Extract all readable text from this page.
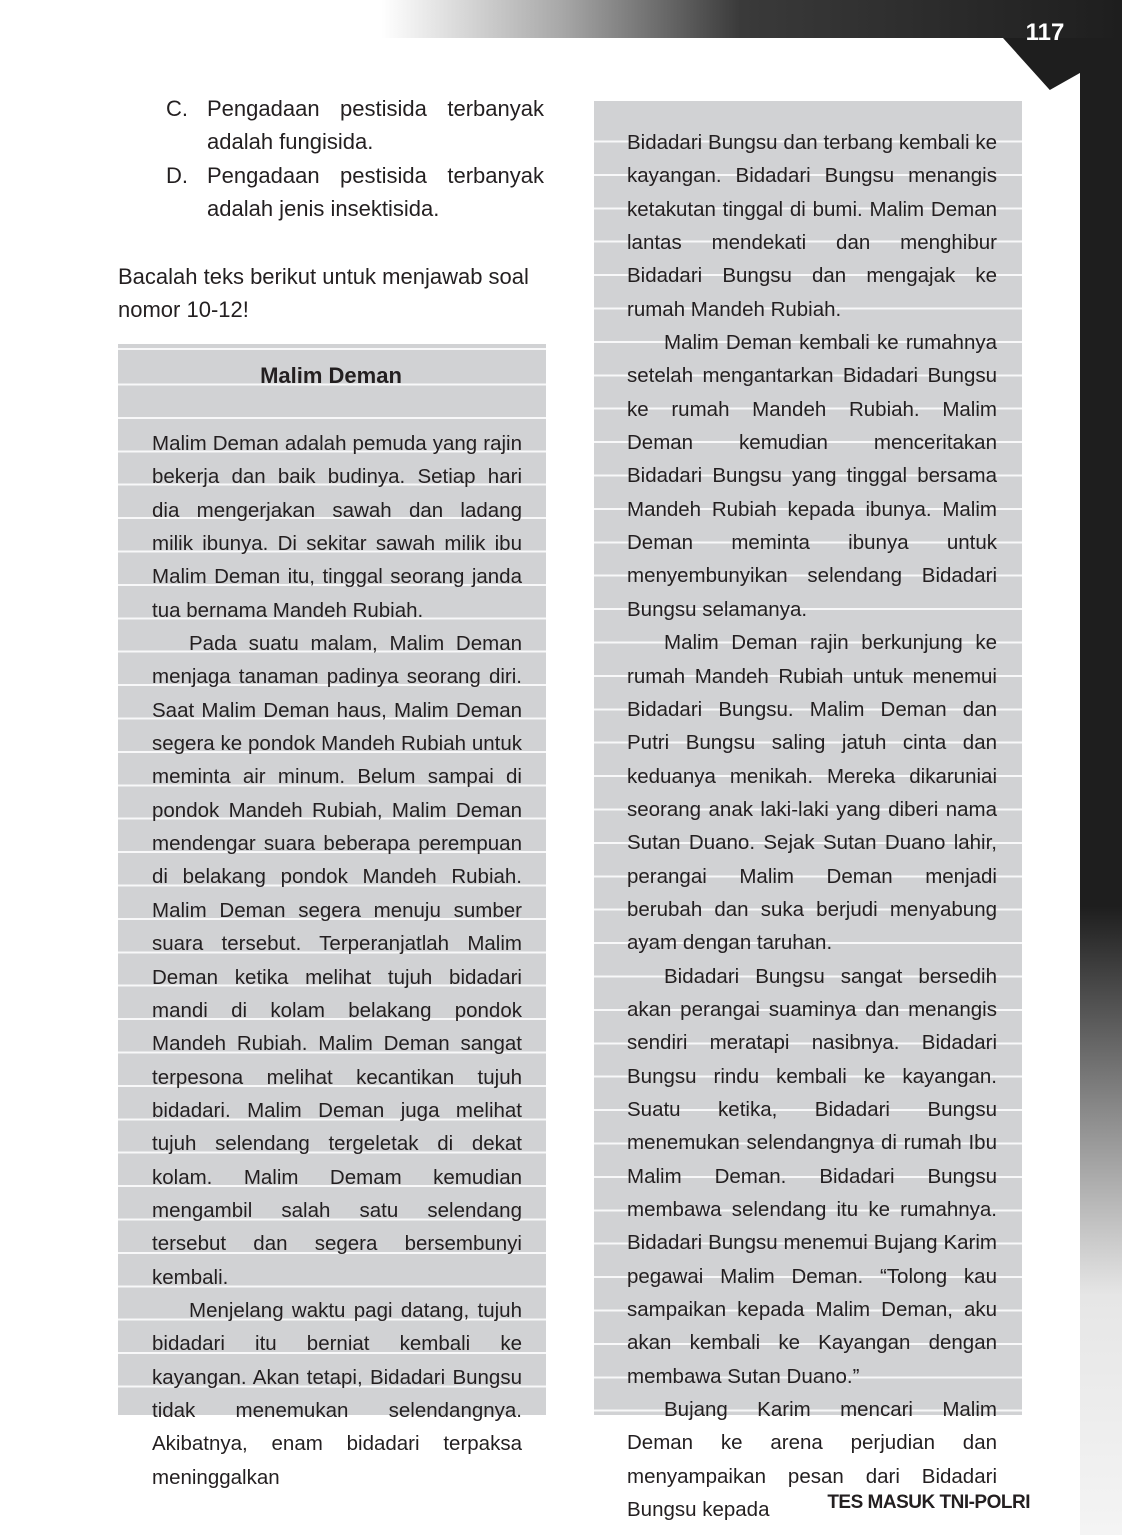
117
C. Pengadaan pestisida terbanyak
adalah fungisida.
D. Pengadaan pestisida terbanyak
adalah jenis insektisida.
Bacalah teks berikut untuk menjawab soal nomor 10-12!
Malim Deman

Malim Deman adalah pemuda yang rajin bekerja dan baik budinya. Setiap hari dia mengerjakan sawah dan ladang milik ibunya. Di sekitar sawah milik ibu Malim Deman itu, tinggal seorang janda tua bernama Mandeh Rubiah.

Pada suatu malam, Malim Deman menjaga tanaman padinya seorang diri. Saat Malim Deman haus, Malim Deman segera ke pondok Mandeh Rubiah untuk meminta air minum. Belum sampai di pondok Mandeh Rubiah, Malim Deman mendengar suara beberapa perempuan di belakang pondok Mandeh Rubiah. Malim Deman segera menuju sumber suara tersebut. Terperanjatlah Malim Deman ketika melihat tujuh bidadari mandi di kolam belakang pondok Mandeh Rubiah. Malim Deman sangat terpesona melihat kecantikan tujuh bidadari. Malim Deman juga melihat tujuh selendang tergeletak di dekat kolam. Malim Demam kemudian mengambil salah satu selendang tersebut dan segera bersembunyi kembali.

Menjelang waktu pagi datang, tujuh bidadari itu berniat kembali ke kayangan. Akan tetapi, Bidadari Bungsu tidak menemukan selendangnya. Akibatnya, enam bidadari terpaksa meninggalkan

Bidadari Bungsu dan terbang kembali ke kayangan. Bidadari Bungsu menangis ketakutan tinggal di bumi. Malim Deman lantas mendekati dan menghibur Bidadari Bungsu dan mengajak ke rumah Mandeh Rubiah.

Malim Deman kembali ke rumahnya setelah mengantarkan Bidadari Bungsu ke rumah Mandeh Rubiah. Malim Deman kemudian menceritakan Bidadari Bungsu yang tinggal bersama Mandeh Rubiah kepada ibunya. Malim Deman meminta ibunya untuk menyembunyikan selendang Bidadari Bungsu selamanya.

Malim Deman rajin berkunjung ke rumah Mandeh Rubiah untuk menemui Bidadari Bungsu. Malim Deman dan Putri Bungsu saling jatuh cinta dan keduanya menikah. Mereka dikaruniai seorang anak laki-laki yang diberi nama Sutan Duano. Sejak Sutan Duano lahir, perangai Malim Deman menjadi berubah dan suka berjudi menyabung ayam dengan taruhan.

Bidadari Bungsu sangat bersedih akan perangai suaminya dan menangis sendiri meratapi nasibnya. Bidadari Bungsu rindu kembali ke kayangan. Suatu ketika, Bidadari Bungsu menemukan selendangnya di rumah Ibu Malim Deman. Bidadari Bungsu membawa selendang itu ke rumahnya. Bidadari Bungsu menemui Bujang Karim pegawai Malim Deman. “Tolong kau sampaikan kepada Malim Deman, aku akan kembali ke Kayangan dengan membawa Sutan Duano.”

Bujang Karim mencari Malim Deman ke arena perjudian dan menyampaikan pesan dari Bidadari Bungsu kepada	TES MASUK TNI-POLRI
